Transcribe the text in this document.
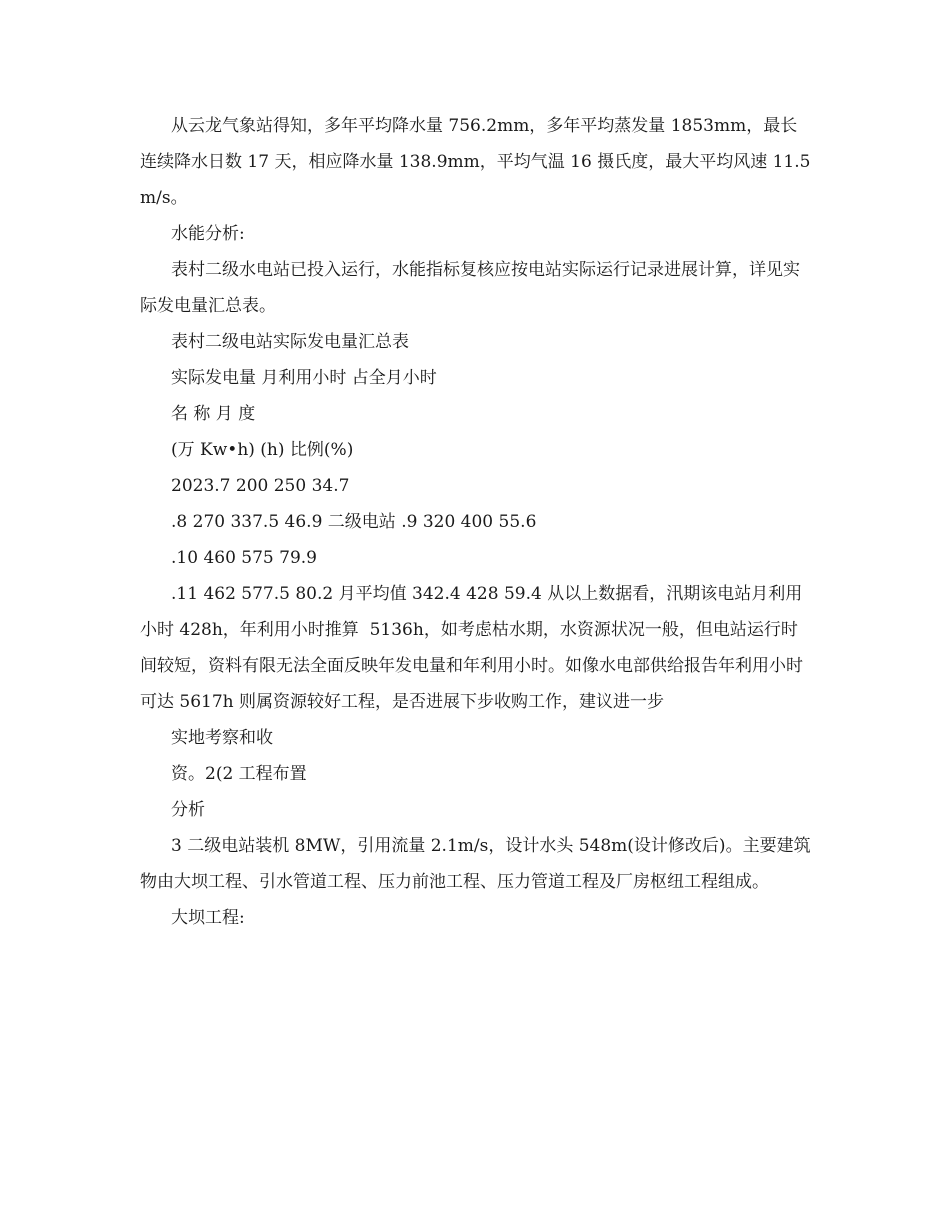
从云龙气象站得知，多年平均降水量 756.2mm，多年平均蒸发量 1853mm，最长连续降水日数 17 天，相应降水量 138.9mm，平均气温 16 摄氏度，最大平均风速 11.5m/s。

水能分析:

表村二级水电站已投入运行，水能指标复核应按电站实际运行记录进展计算，详见实际发电量汇总表。

表村二级电站实际发电量汇总表

实际发电量 月利用小时 占全月小时

名 称 月 度

(万 Kw•h) (h) 比例(%)

2023.7 200 250 34.7

.8 270 337.5 46.9 二级电站 .9 320 400 55.6

.10 460 575 79.9

.11 462 577.5 80.2 月平均值 342.4 428 59.4 从以上数据看，汛期该电站月利用小时 428h，年利用小时推算  5136h，如考虑枯水期，水资源状况一般，但电站运行时间较短，资料有限无法全面反映年发电量和年利用小时。如像水电部供给报告年利用小时可达 5617h 则属资源较好工程，是否进展下步收购工作，建议进一步

实地考察和收

资。2(2 工程布置

分析

3 二级电站装机 8MW，引用流量 2.1m/s，设计水头 548m(设计修改后)。主要建筑物由大坝工程、引水管道工程、压力前池工程、压力管道工程及厂房枢纽工程组成。

大坝工程:
